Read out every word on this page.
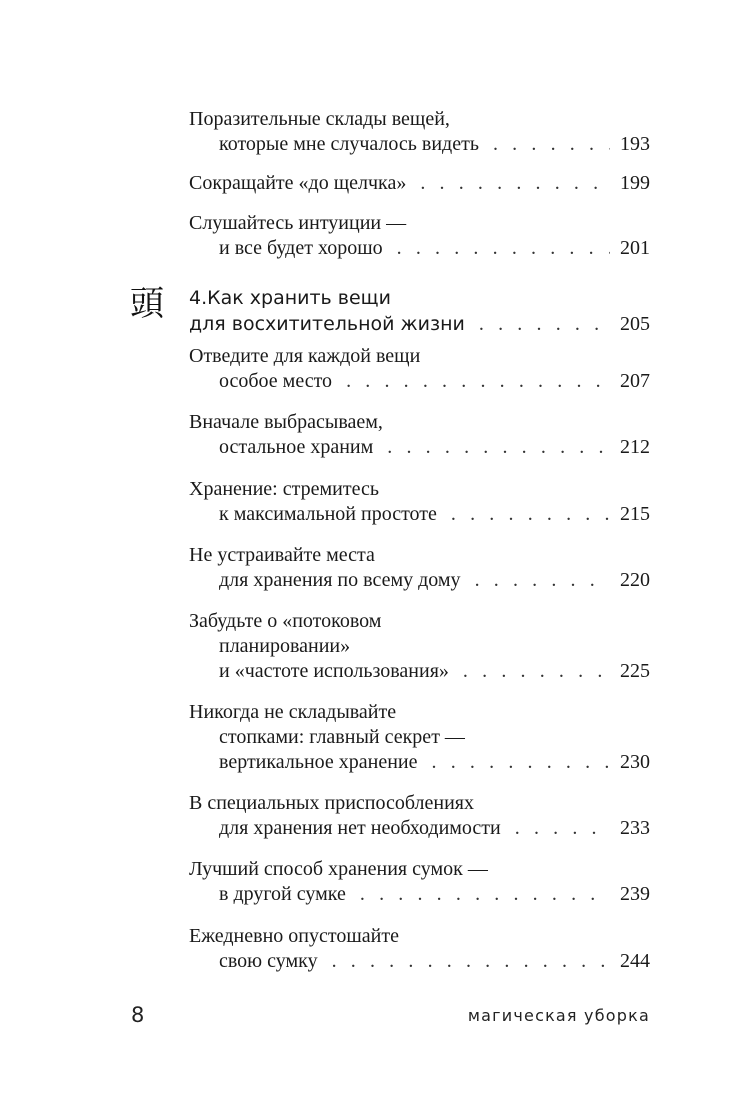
Поразительные склады вещей,
которые мне случалось видеть . . .	193
Сокращайте «до щелчка» . . .	199
Слушайтесь интуиции —
и все будет хорошо . . .	201
頭 4.Как хранить вещи
для восхитительной жизни . . .	205
Отведите для каждой вещи
особое место . . .	207
Вначале выбрасываем,
остальное храним . . .	212
Хранение: стремитесь
к максимальной простоте . . .	215
Не устраивайте места
для хранения по всему дому . . .	220
Забудьте о «потоковом
планировании»
и «частоте использования» . . .	225
Никогда не складывайте
стопками: главный секрет —
вертикальное хранение . . .	230
В специальных приспособлениях
для хранения нет необходимости . . .	233
Лучший способ хранения сумок —
в другой сумке . . .	239
Ежедневно опустошайте
свою сумку . . .	244
8	магическая уборка
